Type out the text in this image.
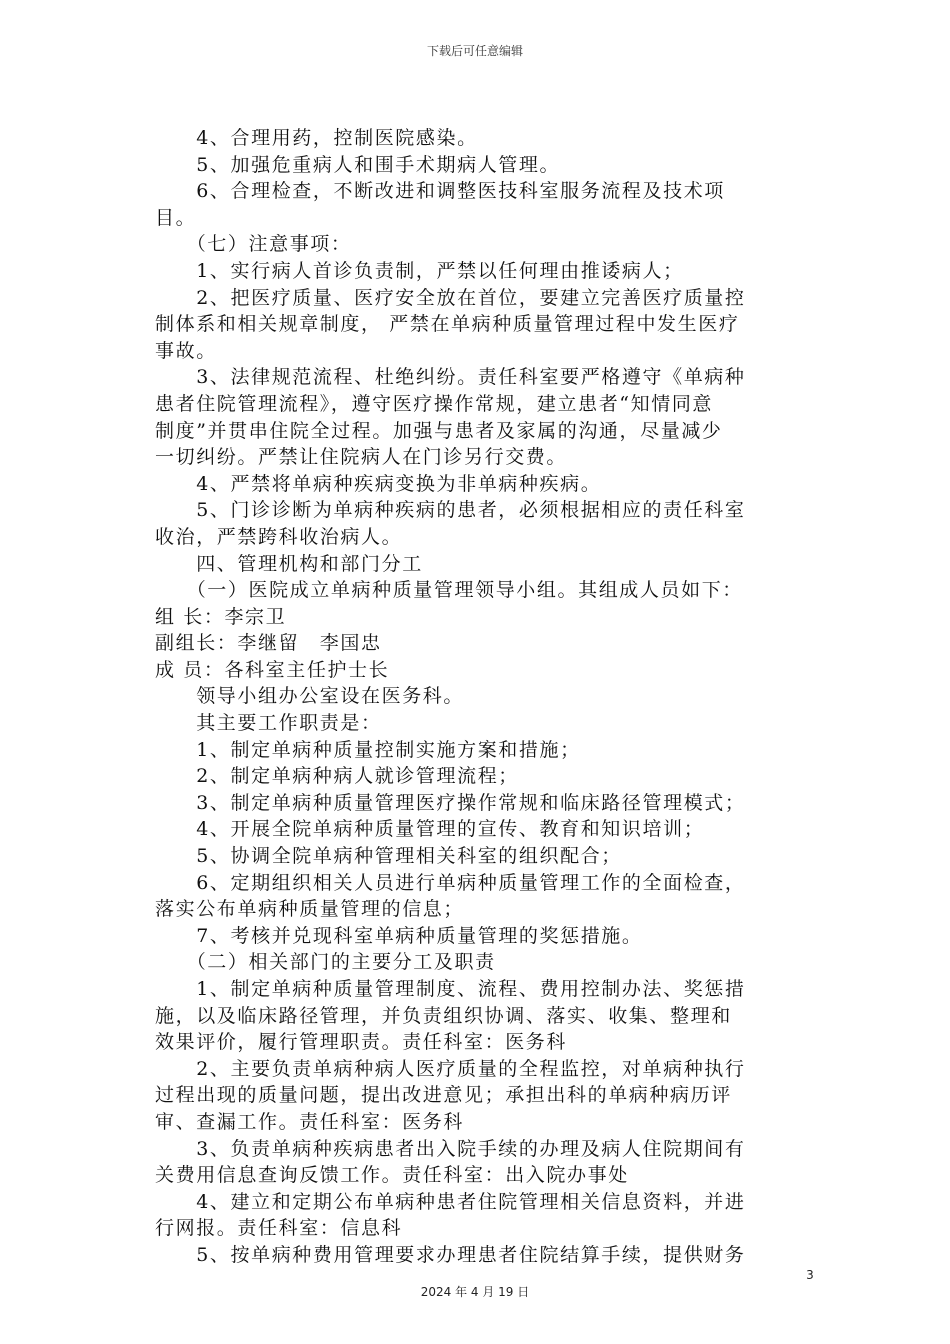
下载后可任意编辑
　　4、合理用药，控制医院感染。
　　5、加强危重病人和围手术期病人管理。
　　6、合理检查，不断改进和调整医技科室服务流程及技术项
目。
　　（七）注意事项：
　　1、实行病人首诊负责制，严禁以任何理由推诿病人；
　　2、把医疗质量、医疗安全放在首位，要建立完善医疗质量控
制体系和相关规章制度， 严禁在单病种质量管理过程中发生医疗
事故。
　　3、法律规范流程、杜绝纠纷。责任科室要严格遵守《单病种
患者住院管理流程》，遵守医疗操作常规，建立患者“知情同意
制度”并贯串住院全过程。加强与患者及家属的沟通，尽量减少
一切纠纷。严禁让住院病人在门诊另行交费。
　　4、严禁将单病种疾病变换为非单病种疾病。
　　5、门诊诊断为单病种疾病的患者，必须根据相应的责任科室
收治，严禁跨科收治病人。
　　四、管理机构和部门分工
　　（一）医院成立单病种质量管理领导小组。其组成人员如下：
组 长：李宗卫
副组长：李继留　李国忠
成 员：各科室主任护士长
　　领导小组办公室设在医务科。
　　其主要工作职责是：
　　1、制定单病种质量控制实施方案和措施；
　　2、制定单病种病人就诊管理流程；
　　3、制定单病种质量管理医疗操作常规和临床路径管理模式；
　　4、开展全院单病种质量管理的宣传、教育和知识培训；
　　5、协调全院单病种管理相关科室的组织配合；
　　6、定期组织相关人员进行单病种质量管理工作的全面检查，
落实公布单病种质量管理的信息；
　　7、考核并兑现科室单病种质量管理的奖惩措施。
　　（二）相关部门的主要分工及职责
　　1、制定单病种质量管理制度、流程、费用控制办法、奖惩措
施，以及临床路径管理，并负责组织协调、落实、收集、整理和
效果评价，履行管理职责。责任科室：医务科
　　2、主要负责单病种病人医疗质量的全程监控，对单病种执行
过程出现的质量问题，提出改进意见；承担出科的单病种病历评
审、查漏工作。责任科室：医务科
　　3、负责单病种疾病患者出入院手续的办理及病人住院期间有
关费用信息查询反馈工作。责任科室：出入院办事处
　　4、建立和定期公布单病种患者住院管理相关信息资料，并进
行网报。责任科室：信息科
　　5、按单病种费用管理要求办理患者住院结算手续，提供财务
3
2024 年 4 月 19 日
